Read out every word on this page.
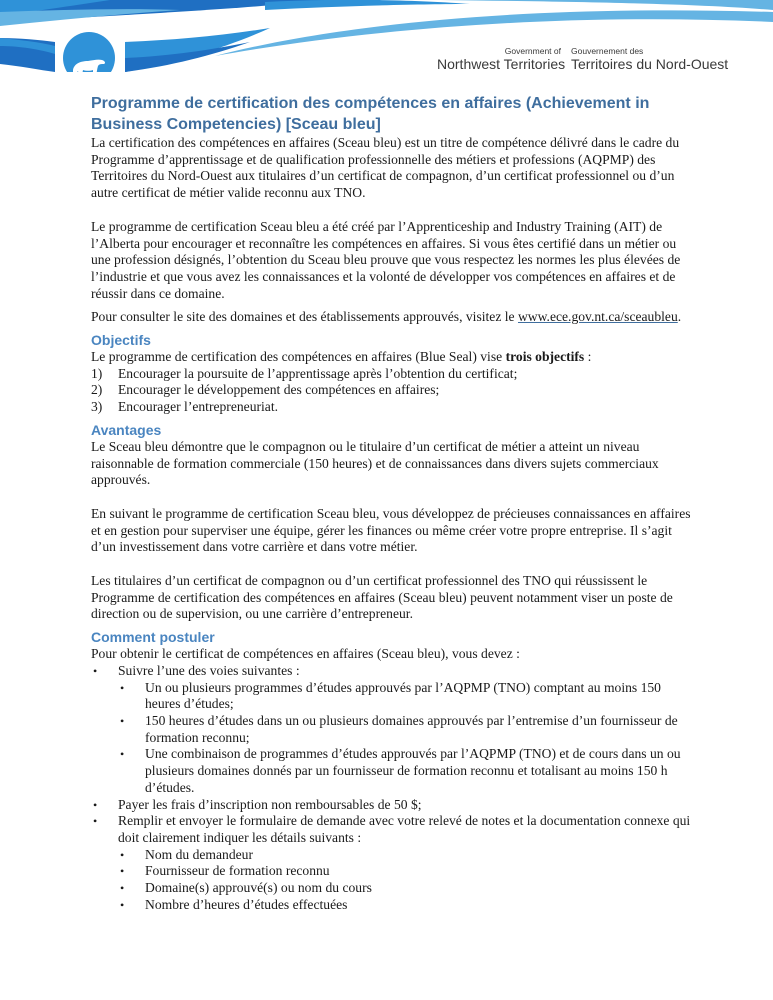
Government of
Northwest Territories
Gouvernement des
Territoires du Nord-Ouest
Programme de certification des compétences en affaires (Achievement in Business Competencies) [Sceau bleu]

La certification des compétences en affaires (Sceau bleu) est un titre de compétence délivré dans le cadre du Programme d’apprentissage et de qualification professionnelle des métiers et professions (AQPMP) des Territoires du Nord-Ouest aux titulaires d’un certificat de compagnon, d’un certificat professionnel ou d’un autre certificat de métier valide reconnu aux TNO.

Le programme de certification Sceau bleu a été créé par l’Apprenticeship and Industry Training (AIT) de l’Alberta pour encourager et reconnaître les compétences en affaires. Si vous êtes certifié dans un métier ou une profession désignés, l’obtention du Sceau bleu prouve que vous respectez les normes les plus élevées de l’industrie et que vous avez les connaissances et la volonté de développer vos compétences en affaires et de réussir dans ce domaine.

Pour consulter le site des domaines et des établissements approuvés, visitez le www.ece.gov.nt.ca/sceaubleu.

Objectifs

Le programme de certification des compétences en affaires (Blue Seal) vise trois objectifs :

1) Encourager la poursuite de l’apprentissage après l’obtention du certificat;
2) Encourager le développement des compétences en affaires;
3) Encourager l’entrepreneuriat.
Avantages

Le Sceau bleu démontre que le compagnon ou le titulaire d’un certificat de métier a atteint un niveau raisonnable de formation commerciale (150 heures) et de connaissances dans divers sujets commerciaux approuvés.

En suivant le programme de certification Sceau bleu, vous développez de précieuses connaissances en affaires et en gestion pour superviser une équipe, gérer les finances ou même créer votre propre entreprise. Il s’agit d’un investissement dans votre carrière et dans votre métier.

Les titulaires d’un certificat de compagnon ou d’un certificat professionnel des TNO qui réussissent le Programme de certification des compétences en affaires (Sceau bleu) peuvent notamment viser un poste de direction ou de supervision, ou une carrière d’entrepreneur.

Comment postuler

Pour obtenir le certificat de compétences en affaires (Sceau bleu), vous devez :

• Suivre l’une des voies suivantes :
• Un ou plusieurs programmes d’études approuvés par l’AQPMP (TNO) comptant au moins 150 heures d’études;
• 150 heures d’études dans un ou plusieurs domaines approuvés par l’entremise d’un fournisseur de formation reconnu;
• Une combinaison de programmes d’études approuvés par l’AQPMP (TNO) et de cours dans un ou plusieurs domaines donnés par un fournisseur de formation reconnu et totalisant au moins 150 h d’études.
• Payer les frais d’inscription non remboursables de 50 $;
• Remplir et envoyer le formulaire de demande avec votre relevé de notes et la documentation connexe qui doit clairement indiquer les détails suivants :
• Nom du demandeur
• Fournisseur de formation reconnu
• Domaine(s) approuvé(s) ou nom du cours
• Nombre d’heures d’études effectuées
